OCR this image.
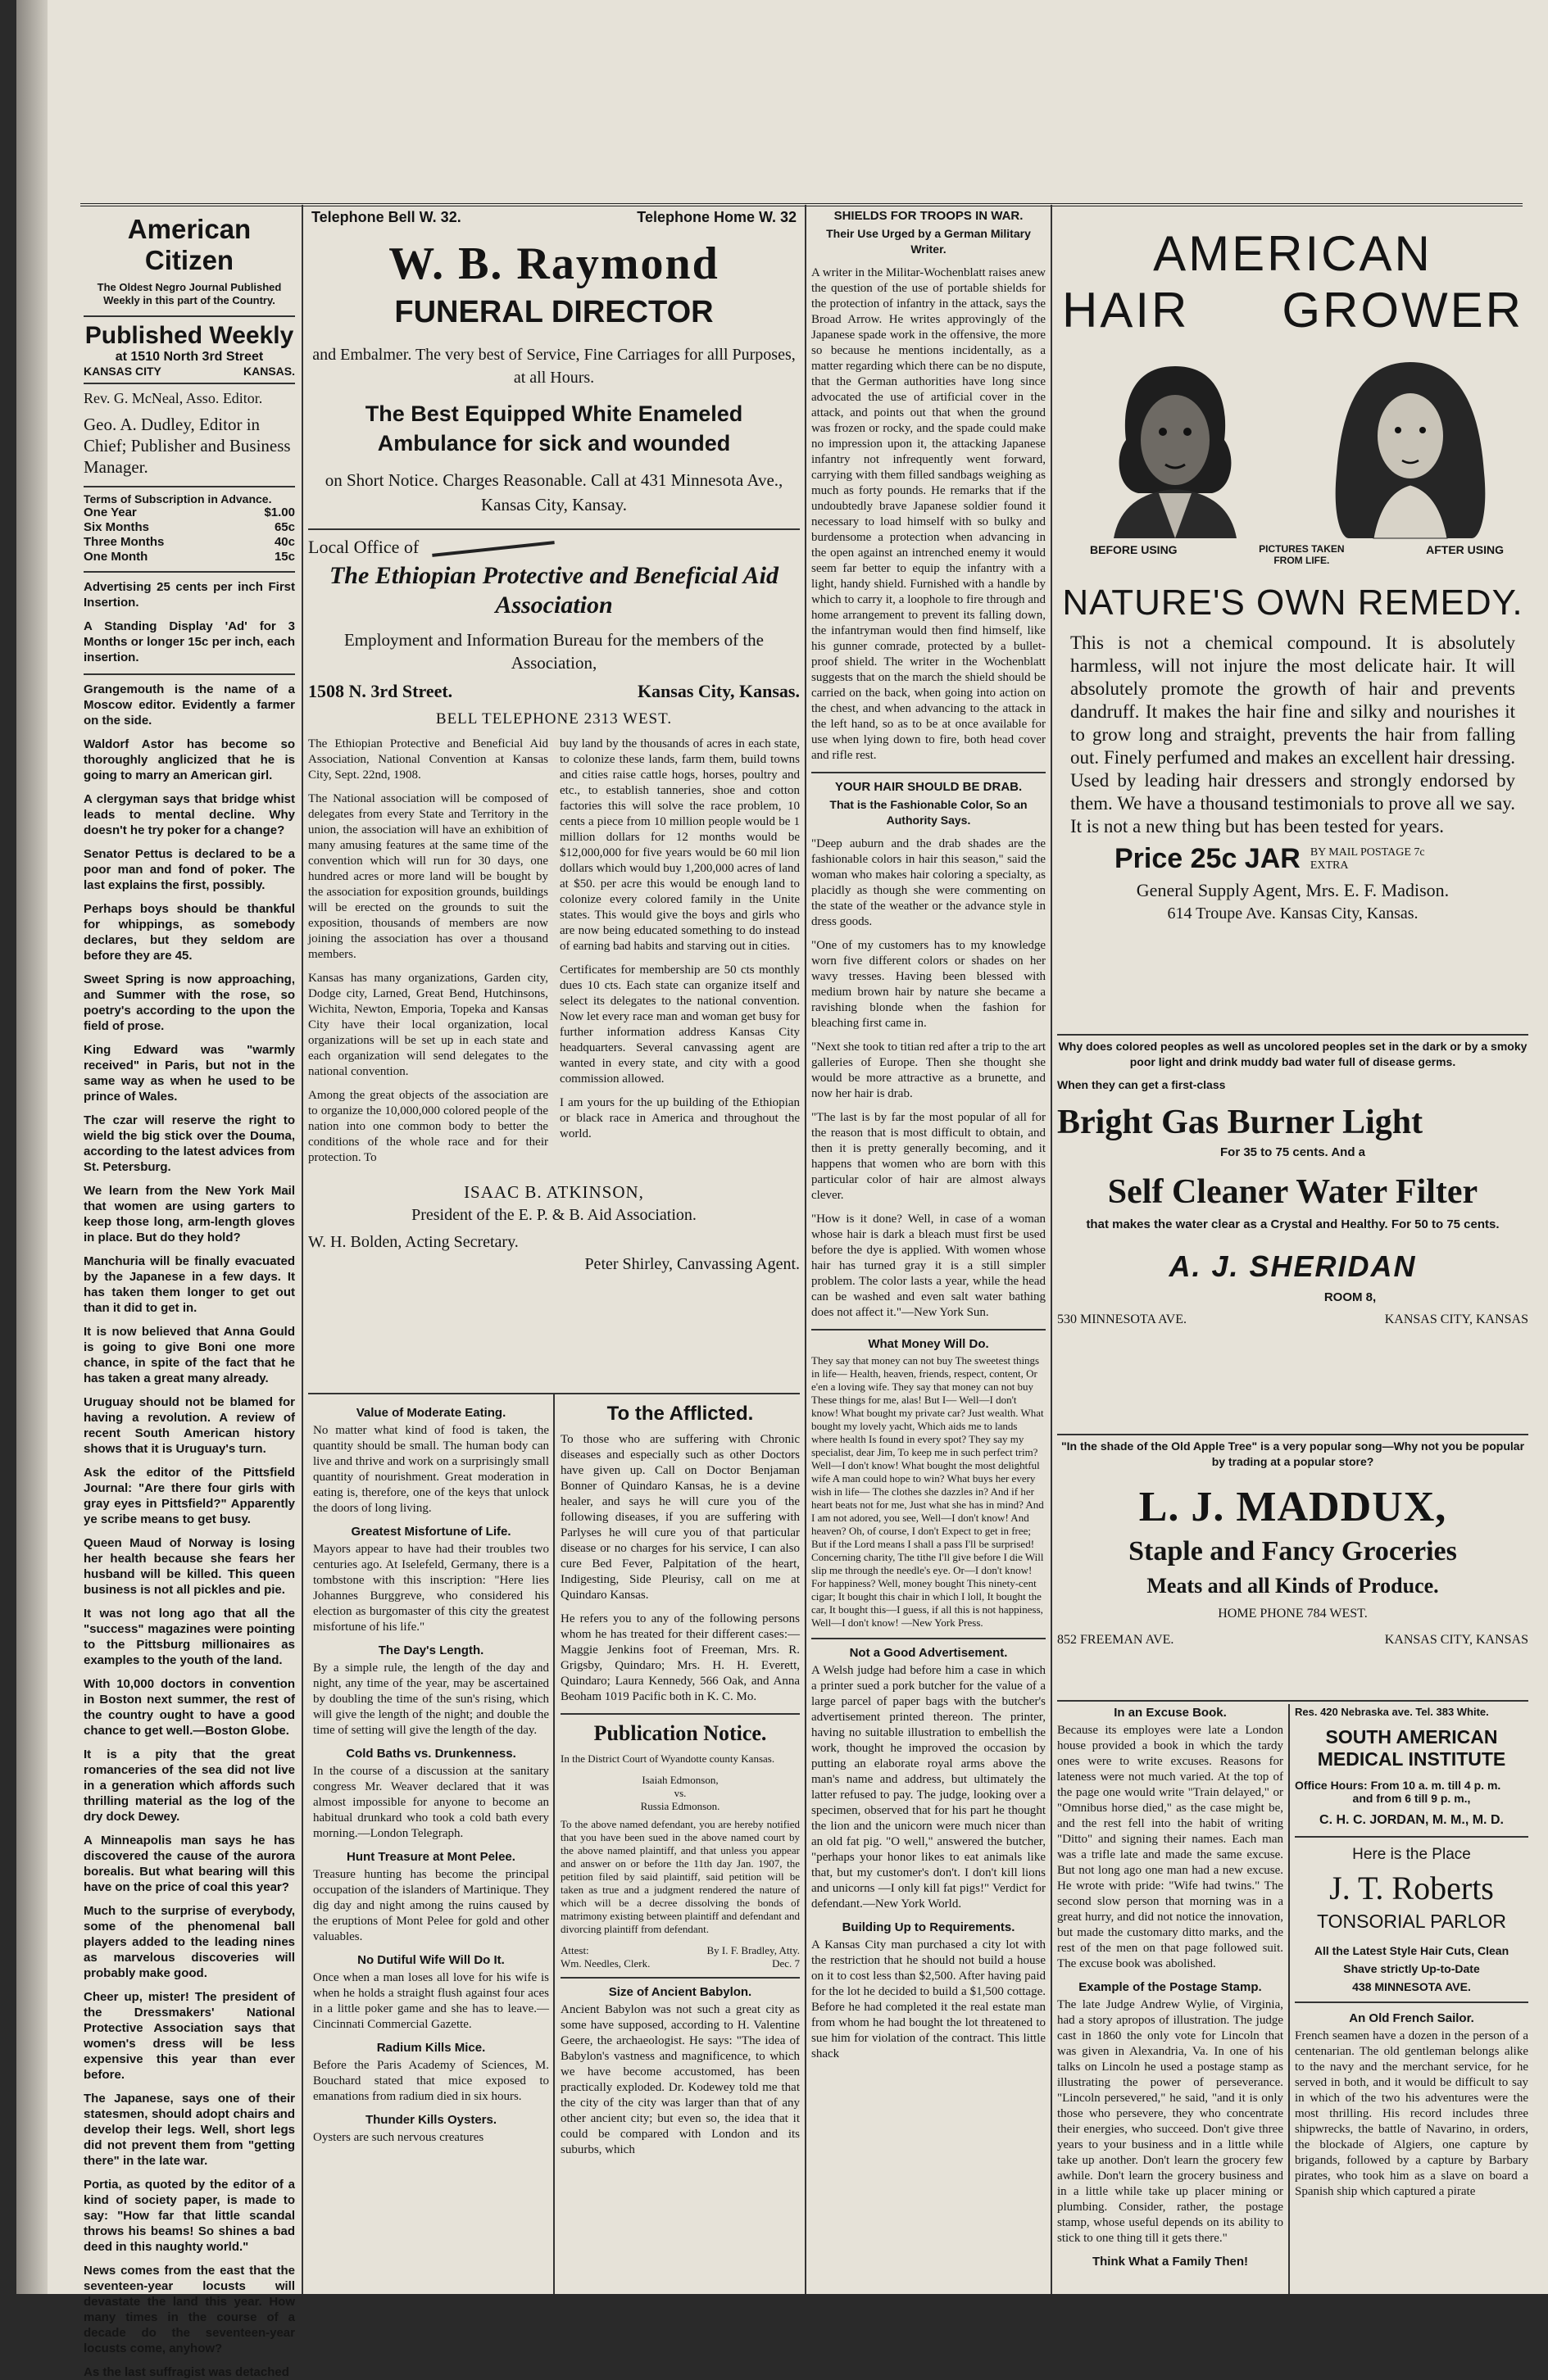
American Citizen
The Oldest Negro Journal Published Weekly in this part of the Country.
Published Weekly
at 1510 North 3rd Street
KANSAS CITY	KANSAS.
Rev. G. McNeal, Asso. Editor.
Geo. A. Dudley, Editor in Chief; Publisher and Business Manager.
Terms of Subscription in Advance.
One Year	$1.00
Six Months	65c
Three Months	40c
One Month	15c
Advertising 25 cents per inch First Insertion.
A Standing Display 'Ad' for 3 Months or longer 15c per inch, each insertion.

Grangemouth is the name of a Moscow editor. Evidently a farmer on the side.

Waldorf Astor has become so thoroughly anglicized that he is going to marry an American girl.

A clergyman says that bridge whist leads to mental decline. Why doesn't he try poker for a change?

Senator Pettus is declared to be a poor man and fond of poker. The last explains the first, possibly.

Perhaps boys should be thankful for whippings, as somebody declares, but they seldom are before they are 45.

Sweet Spring is now approaching, and Summer with the rose, so poetry's according to the upon the field of prose.

King Edward was "warmly received" in Paris, but not in the same way as when he used to be prince of Wales.

The czar will reserve the right to wield the big stick over the Douma, according to the latest advices from St. Petersburg.

We learn from the New York Mail that women are using garters to keep those long, arm-length gloves in place. But do they hold?

Manchuria will be finally evacuated by the Japanese in a few days. It has taken them longer to get out than it did to get in.

It is now believed that Anna Gould is going to give Boni one more chance, in spite of the fact that he has taken a great many already.

Uruguay should not be blamed for having a revolution. A review of recent South American history shows that it is Uruguay's turn.

Ask the editor of the Pittsfield Journal: "Are there four girls with gray eyes in Pittsfield?" Apparently ye scribe means to get busy.

Queen Maud of Norway is losing her health because she fears her husband will be killed. This queen business is not all pickles and pie.

It was not long ago that all the "success" magazines were pointing to the Pittsburg millionaires as examples to the youth of the land.

With 10,000 doctors in convention in Boston next summer, the rest of the country ought to have a good chance to get well.—Boston Globe.

It is a pity that the great romanceries of the sea did not live in a generation which affords such thrilling material as the log of the dry dock Dewey.

A Minneapolis man says he has discovered the cause of the aurora borealis. But what bearing will this have on the price of coal this year?

Much to the surprise of everybody, some of the phenomenal ball players added to the leading nines as marvelous discoveries will probably make good.

Cheer up, mister! The president of the Dressmakers' National Protective Association says that women's dress will be less expensive this year than ever before.

The Japanese, says one of their statesmen, should adopt chairs and develop their legs. Well, short legs did not prevent them from "getting there" in the late war.

Portia, as quoted by the editor of a kind of society paper, is made to say: "How far that little scandal throws his beams! So shines a bad deed in this naughty world."

News comes from the east that the seventeen-year locusts will devastate the land this year. How many times in the course of a decade do the seventeen-year locusts come, anyhow?

As the last suffragist was detached

Telephone Bell W. 32.	Telephone Home W. 32
W. B. Raymond
FUNERAL DIRECTOR
and Embalmer. The very best of Service, Fine Carriages for alll Purposes, at all Hours.
The Best Equipped White Enameled Ambulance for sick and wounded
on Short Notice. Charges Reasonable. Call at 431 Minnesota Ave., Kansas City, Kansay.
Local Office of
The Ethiopian Protective and Beneficial Aid Association
Employment and Information Bureau for the members of the Association,
1508 N. 3rd Street.	Kansas City, Kansas.
BELL TELEPHONE 2313 WEST.

The Ethiopian Protective and Beneficial Aid Association, National Convention at Kansas City, Sept. 22nd, 1908.

The National association will be composed of delegates from every State and Territory in the union, the association will have an exhibition of many amusing features at the same time of the convention which will run for 30 days, one hundred acres or more land will be bought by the association for exposition grounds, buildings will be erected on the grounds to suit the exposition, thousands of members are now joining the association has over a thousand members.

Kansas has many organizations, Garden city, Dodge city, Larned, Great Bend, Hutchinsons, Wichita, Newton, Emporia, Topeka and Kansas City have their local organization, local organizations will be set up in each state and each organization will send delegates to the national convention.

Among the great objects of the association are to organize the 10,000,000 colored people of the nation into one common body to better the conditions of the whole race and for their protection. To

buy land by the thousands of acres in each state, to colonize these lands, farm them, build towns and cities raise cattle hogs, horses, poultry and etc., to establish tanneries, shoe and cotton factories this will solve the race problem, 10 cents a piece from 10 million people would be 1 million dollars for 12 months would be $12,000,000 for five years would be 60 mil lion dollars which would buy 1,200,000 acres of land at $50. per acre this would be enough land to colonize every colored family in the Unite states. This would give the boys and girls who are now being educated something to do instead of earning bad habits and starving out in cities.

Certificates for membership are 50 cts monthly dues 10 cts. Each state can organize itself and select its delegates to the national convention. Now let every race man and woman get busy for further information address Kansas City headquarters. Several canvassing agent are wanted in every state, and city with a good commission allowed.

I am yours for the up building of the Ethiopian or black race in America and throughout the world.

ISAAC B. ATKINSON,
President of the E. P. & B. Aid Association.
W. H. Bolden, Acting Secretary.
Peter Shirley, Canvassing Agent.
Value of Moderate Eating.

No matter what kind of food is taken, the quantity should be small. The human body can live and thrive and work on a surprisingly small quantity of nourishment. Great moderation in eating is, therefore, one of the keys that unlock the doors of long living.

Greatest Misfortune of Life.

Mayors appear to have had their troubles two centuries ago. At Iselefeld, Germany, there is a tombstone with this inscription: "Here lies Johannes Burggreve, who considered his election as burgomaster of this city the greatest misfortune of his life."

The Day's Length.

By a simple rule, the length of the day and night, any time of the year, may be ascertained by doubling the time of the sun's rising, which will give the length of the night; and double the time of setting will give the length of the day.

Cold Baths vs. Drunkenness.

In the course of a discussion at the sanitary congress Mr. Weaver declared that it was almost impossible for anyone to become an habitual drunkard who took a cold bath every morning.—London Telegraph.

Hunt Treasure at Mont Pelee.

Treasure hunting has become the principal occupation of the islanders of Martinique. They dig day and night among the ruins caused by the eruptions of Mont Pelee for gold and other valuables.

No Dutiful Wife Will Do It.

Once when a man loses all love for his wife is when he holds a straight flush against four aces in a little poker game and she has to leave.—Cincinnati Commercial Gazette.

Radium Kills Mice.

Before the Paris Academy of Sciences, M. Bouchard stated that mice exposed to emanations from radium died in six hours.

Thunder Kills Oysters.

Oysters are such nervous creatures

To the Afflicted.

To those who are suffering with Chronic diseases and especially such as other Doctors have given up. Call on Doctor Benjaman Bonner of Quindaro Kansas, he is a devine healer, and says he will cure you of the following diseases, if you are suffering with Parlyses he will cure you of that particular disease or no charges for his service, I can also cure Bed Fever, Palpitation of the heart, Indigesting, Side Pleurisy, call on me at Quindaro Kansas.

He refers you to any of the following persons whom he has treated for their different cases:—Maggie Jenkins foot of Freeman, Mrs. R. Grigsby, Quindaro; Mrs. H. H. Everett, Quindaro; Laura Kennedy, 566 Oak, and Anna Beoham 1019 Pacific both in K. C. Mo.

Publication Notice.

In the District Court of Wyandotte county Kansas.

Isaiah Edmonson,
vs.
Russia Edmonson.

To the above named defendant, you are hereby notified that you have been sued in the above named court by the above named plaintiff, and that unless you appear and answer on or before the 11th day Jan. 1907, the petition filed by said plaintiff, said petition will be taken as true and a judgment rendered the nature of which will be a decree dissolving the bonds of matrimony existing between plaintiff and defendant and divorcing plaintiff from defendant.

Attest:	By I. F. Bradley, Atty.
Wm. Needles, Clerk.	Dec. 7
Size of Ancient Babylon.

Ancient Babylon was not such a great city as some have supposed, according to H. Valentine Geere, the archaeologist. He says: "The idea of Babylon's vastness and magnificence, to which we have become accustomed, has been practically exploded. Dr. Kodewey told me that the city of the city was larger than that of any other ancient city; but even so, the idea that it could be compared with London and its suburbs, which

SHIELDS FOR TROOPS IN WAR.
Their Use Urged by a German Military Writer.

A writer in the Militar-Wochenblatt raises anew the question of the use of portable shields for the protection of infantry in the attack, says the Broad Arrow. He writes approvingly of the Japanese spade work in the offensive, the more so because he mentions incidentally, as a matter regarding which there can be no dispute, that the German authorities have long since advocated the use of artificial cover in the attack, and points out that when the ground was frozen or rocky, and the spade could make no impression upon it, the attacking Japanese infantry not infrequently went forward, carrying with them filled sandbags weighing as much as forty pounds. He remarks that if the undoubtedly brave Japanese soldier found it necessary to load himself with so bulky and burdensome a protection when advancing in the open against an intrenched enemy it would seem far better to equip the infantry with a light, handy shield. Furnished with a handle by which to carry it, a loophole to fire through and home arrangement to prevent its falling down, the infantryman would then find himself, like his gunner comrade, protected by a bullet-proof shield. The writer in the Wochenblatt suggests that on the march the shield should be carried on the back, when going into action on the chest, and when advancing to the attack in the left hand, so as to be at once available for use when lying down to fire, both head cover and rifle rest.

YOUR HAIR SHOULD BE DRAB.
That is the Fashionable Color, So an Authority Says.

"Deep auburn and the drab shades are the fashionable colors in hair this season," said the woman who makes hair coloring a specialty, as placidly as though she were commenting on the state of the weather or the advance style in dress goods.

"One of my customers has to my knowledge worn five different colors or shades on her wavy tresses. Having been blessed with medium brown hair by nature she became a ravishing blonde when the fashion for bleaching first came in.

"Next she took to titian red after a trip to the art galleries of Europe. Then she thought she would be more attractive as a brunette, and now her hair is drab.

"The last is by far the most popular of all for the reason that is most difficult to obtain, and then it is pretty generally becoming, and it happens that women who are born with this particular color of hair are almost always clever.

"How is it done? Well, in case of a woman whose hair is dark a bleach must first be used before the dye is applied. With women whose hair has turned gray it is a still simpler problem. The color lasts a year, while the head can be washed and even salt water bathing does not affect it."—New York Sun.

What Money Will Do.

They say that money can not buy The sweetest things in life— Health, heaven, friends, respect, content, Or e'en a loving wife. They say that money can not buy These things for me, alas! But I— Well—I don't know! What bought my private car? Just wealth. What bought my lovely yacht, Which aids me to lands where health Is found in every spot? They say my specialist, dear Jim, To keep me in such perfect trim? Well—I don't know! What bought the most delightful wife A man could hope to win? What buys her every wish in life— The clothes she dazzles in? And if her heart beats not for me, Just what she has in mind? And I am not adored, you see, Well—I don't know! And heaven? Oh, of course, I don't Expect to get in free; But if the Lord means I shall a pass I'll be surprised! Concerning charity, The tithe I'll give before I die Will slip me through the needle's eye. Or—I don't know! For happiness? Well, money bought This ninety-cent cigar; It bought this chair in which I loll, It bought the car, It bought this—I guess, if all this is not happiness, Well—I don't know! —New York Press.

Not a Good Advertisement.

A Welsh judge had before him a case in which a printer sued a pork butcher for the value of a large parcel of paper bags with the butcher's advertisement printed thereon. The printer, having no suitable illustration to embellish the work, thought he improved the occasion by putting an elaborate royal arms above the man's name and address, but ultimately the latter refused to pay. The judge, looking over a specimen, observed that for his part he thought the lion and the unicorn were much nicer than an old fat pig. "O well," answered the butcher, "perhaps your honor likes to eat animals like that, but my customer's don't. I don't kill lions and unicorns —I only kill fat pigs!" Verdict for defendant.—New York World.

Building Up to Requirements.

A Kansas City man purchased a city lot with the restriction that he should not build a house on it to cost less than $2,500. After having paid for the lot he decided to build a $1,500 cottage. Before he had completed it the real estate man from whom he had bought the lot threatened to sue him for violation of the contract. This little shack

AMERICAN
HAIR GROWER
BEFORE USING	PICTURES TAKEN FROM LIFE.
AFTER USING
NATURE'S OWN REMEDY.

This is not a chemical compound. It is absolutely harmless, will not injure the most delicate hair. It will absolutely promote the growth of hair and prevents dandruff. It makes the hair fine and silky and nourishes it to grow long and straight, prevents the hair from falling out. Finely perfumed and makes an excellent hair dressing. Used by leading hair dressers and strongly endorsed by them. We have a thousand testimonials to prove all we say. It is not a new thing but has been tested for years.

Price 25c JAR BY MAIL POSTAGE 7c EXTRA
General Supply Agent, Mrs. E. F. Madison.
614 Troupe Ave. Kansas City, Kansas.

Why does colored peoples as well as uncolored peoples set in the dark or by a smoky poor light and drink muddy bad water full of disease germs.

When they can get a first-class
Bright Gas Burner Light
For 35 to 75 cents. And a
Self Cleaner Water Filter
that makes the water clear as a Crystal and Healthy. For 50 to 75 cents.
A. J. SHERIDAN
ROOM 8,
530 MINNESOTA AVE.	KANSAS CITY, KANSAS

"In the shade of the Old Apple Tree" is a very popular song—Why not you be popular by trading at a popular store?

L. J. MADDUX,
Staple and Fancy Groceries
Meats and all Kinds of Produce.
HOME PHONE 784 WEST.
852 FREEMAN AVE.	KANSAS CITY, KANSAS
In an Excuse Book.

Because its employes were late a London house provided a book in which the tardy ones were to write excuses. Reasons for lateness were not much varied. At the top of the page one would write "Train delayed," or "Omnibus horse died," as the case might be, and the rest fell into the habit of writing "Ditto" and signing their names. Each man was a trifle late and made the same excuse. But not long ago one man had a new excuse. He wrote with pride: "Wife had twins." The second slow person that morning was in a great hurry, and did not notice the innovation, but made the customary ditto marks, and the rest of the men on that page followed suit. The excuse book was abolished.

Example of the Postage Stamp.

The late Judge Andrew Wylie, of Virginia, had a story apropos of illustration. The judge cast in 1860 the only vote for Lincoln that was given in Alexandria, Va. In one of his talks on Lincoln he used a postage stamp as illustrating the power of perseverance. "Lincoln persevered," he said, "and it is only those who persevere, they who concentrate their energies, who succeed. Don't give three years to your business and in a little while take up another. Don't learn the grocery few awhile. Don't learn the grocery business and in a little while take up placer mining or plumbing. Consider, rather, the postage stamp, whose useful depends on its ability to stick to one thing till it gets there."

Think What a Family Then!
Res. 420 Nebraska ave. Tel. 383 White.
SOUTH AMERICAN
MEDICAL INSTITUTE
Office Hours: From 10 a. m. till 4 p. m.
and from 6 till 9 p. m.,
C. H. C. JORDAN, M. M., M. D.
Here is the Place
J. T. Roberts
TONSORIAL PARLOR
All the Latest Style Hair Cuts, Clean
Shave strictly Up-to-Date
438 MINNESOTA AVE.
An Old French Sailor.

French seamen have a dozen in the person of a centenarian. The old gentleman belongs alike to the navy and the merchant service, for he served in both, and it would be difficult to say in which of the two his adventures were the most thrilling. His record includes three shipwrecks, the battle of Navarino, in orders, the blockade of Algiers, one capture by brigands, followed by a capture by Barbary pirates, who took him as a slave on board a Spanish ship which captured a pirate
